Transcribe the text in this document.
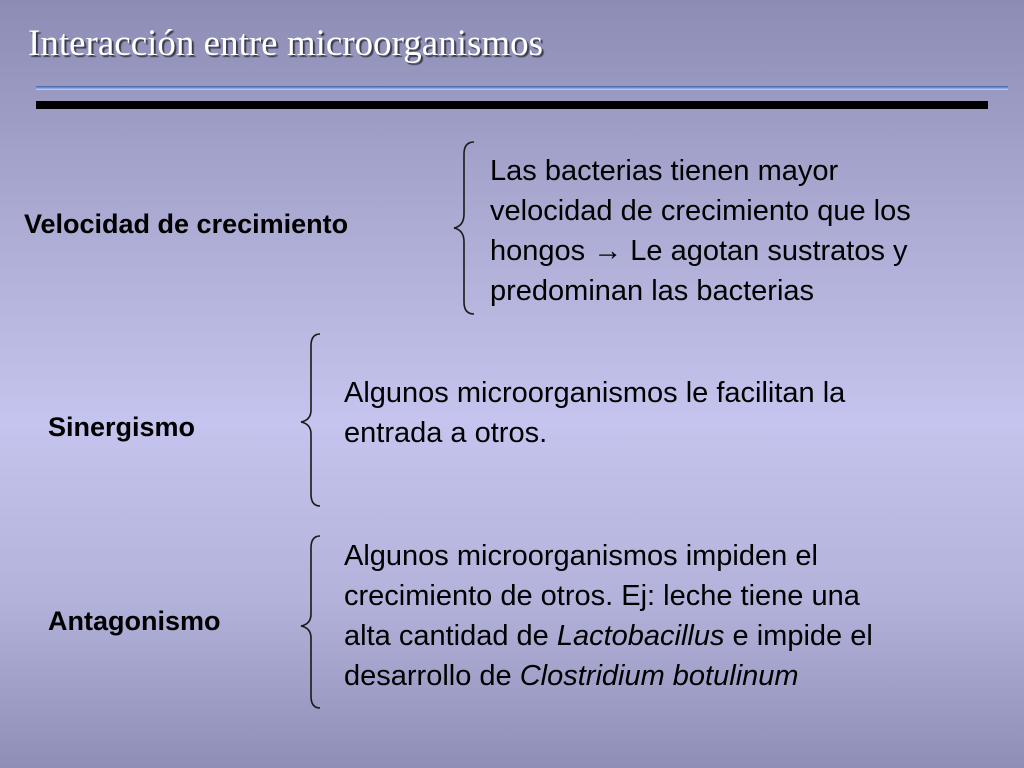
Interacción entre microorganismos

Velocidad de crecimiento

Las bacterias tienen mayor
velocidad de crecimiento que los
hongos → Le agotan sustratos y
predominan las bacterias

Sinergismo

Algunos microorganismos le facilitan la
entrada a otros.

Antagonismo

Algunos microorganismos impiden el
crecimiento de otros. Ej: leche tiene una
alta cantidad de Lactobacillus e impide el
desarrollo de Clostridium botulinum
